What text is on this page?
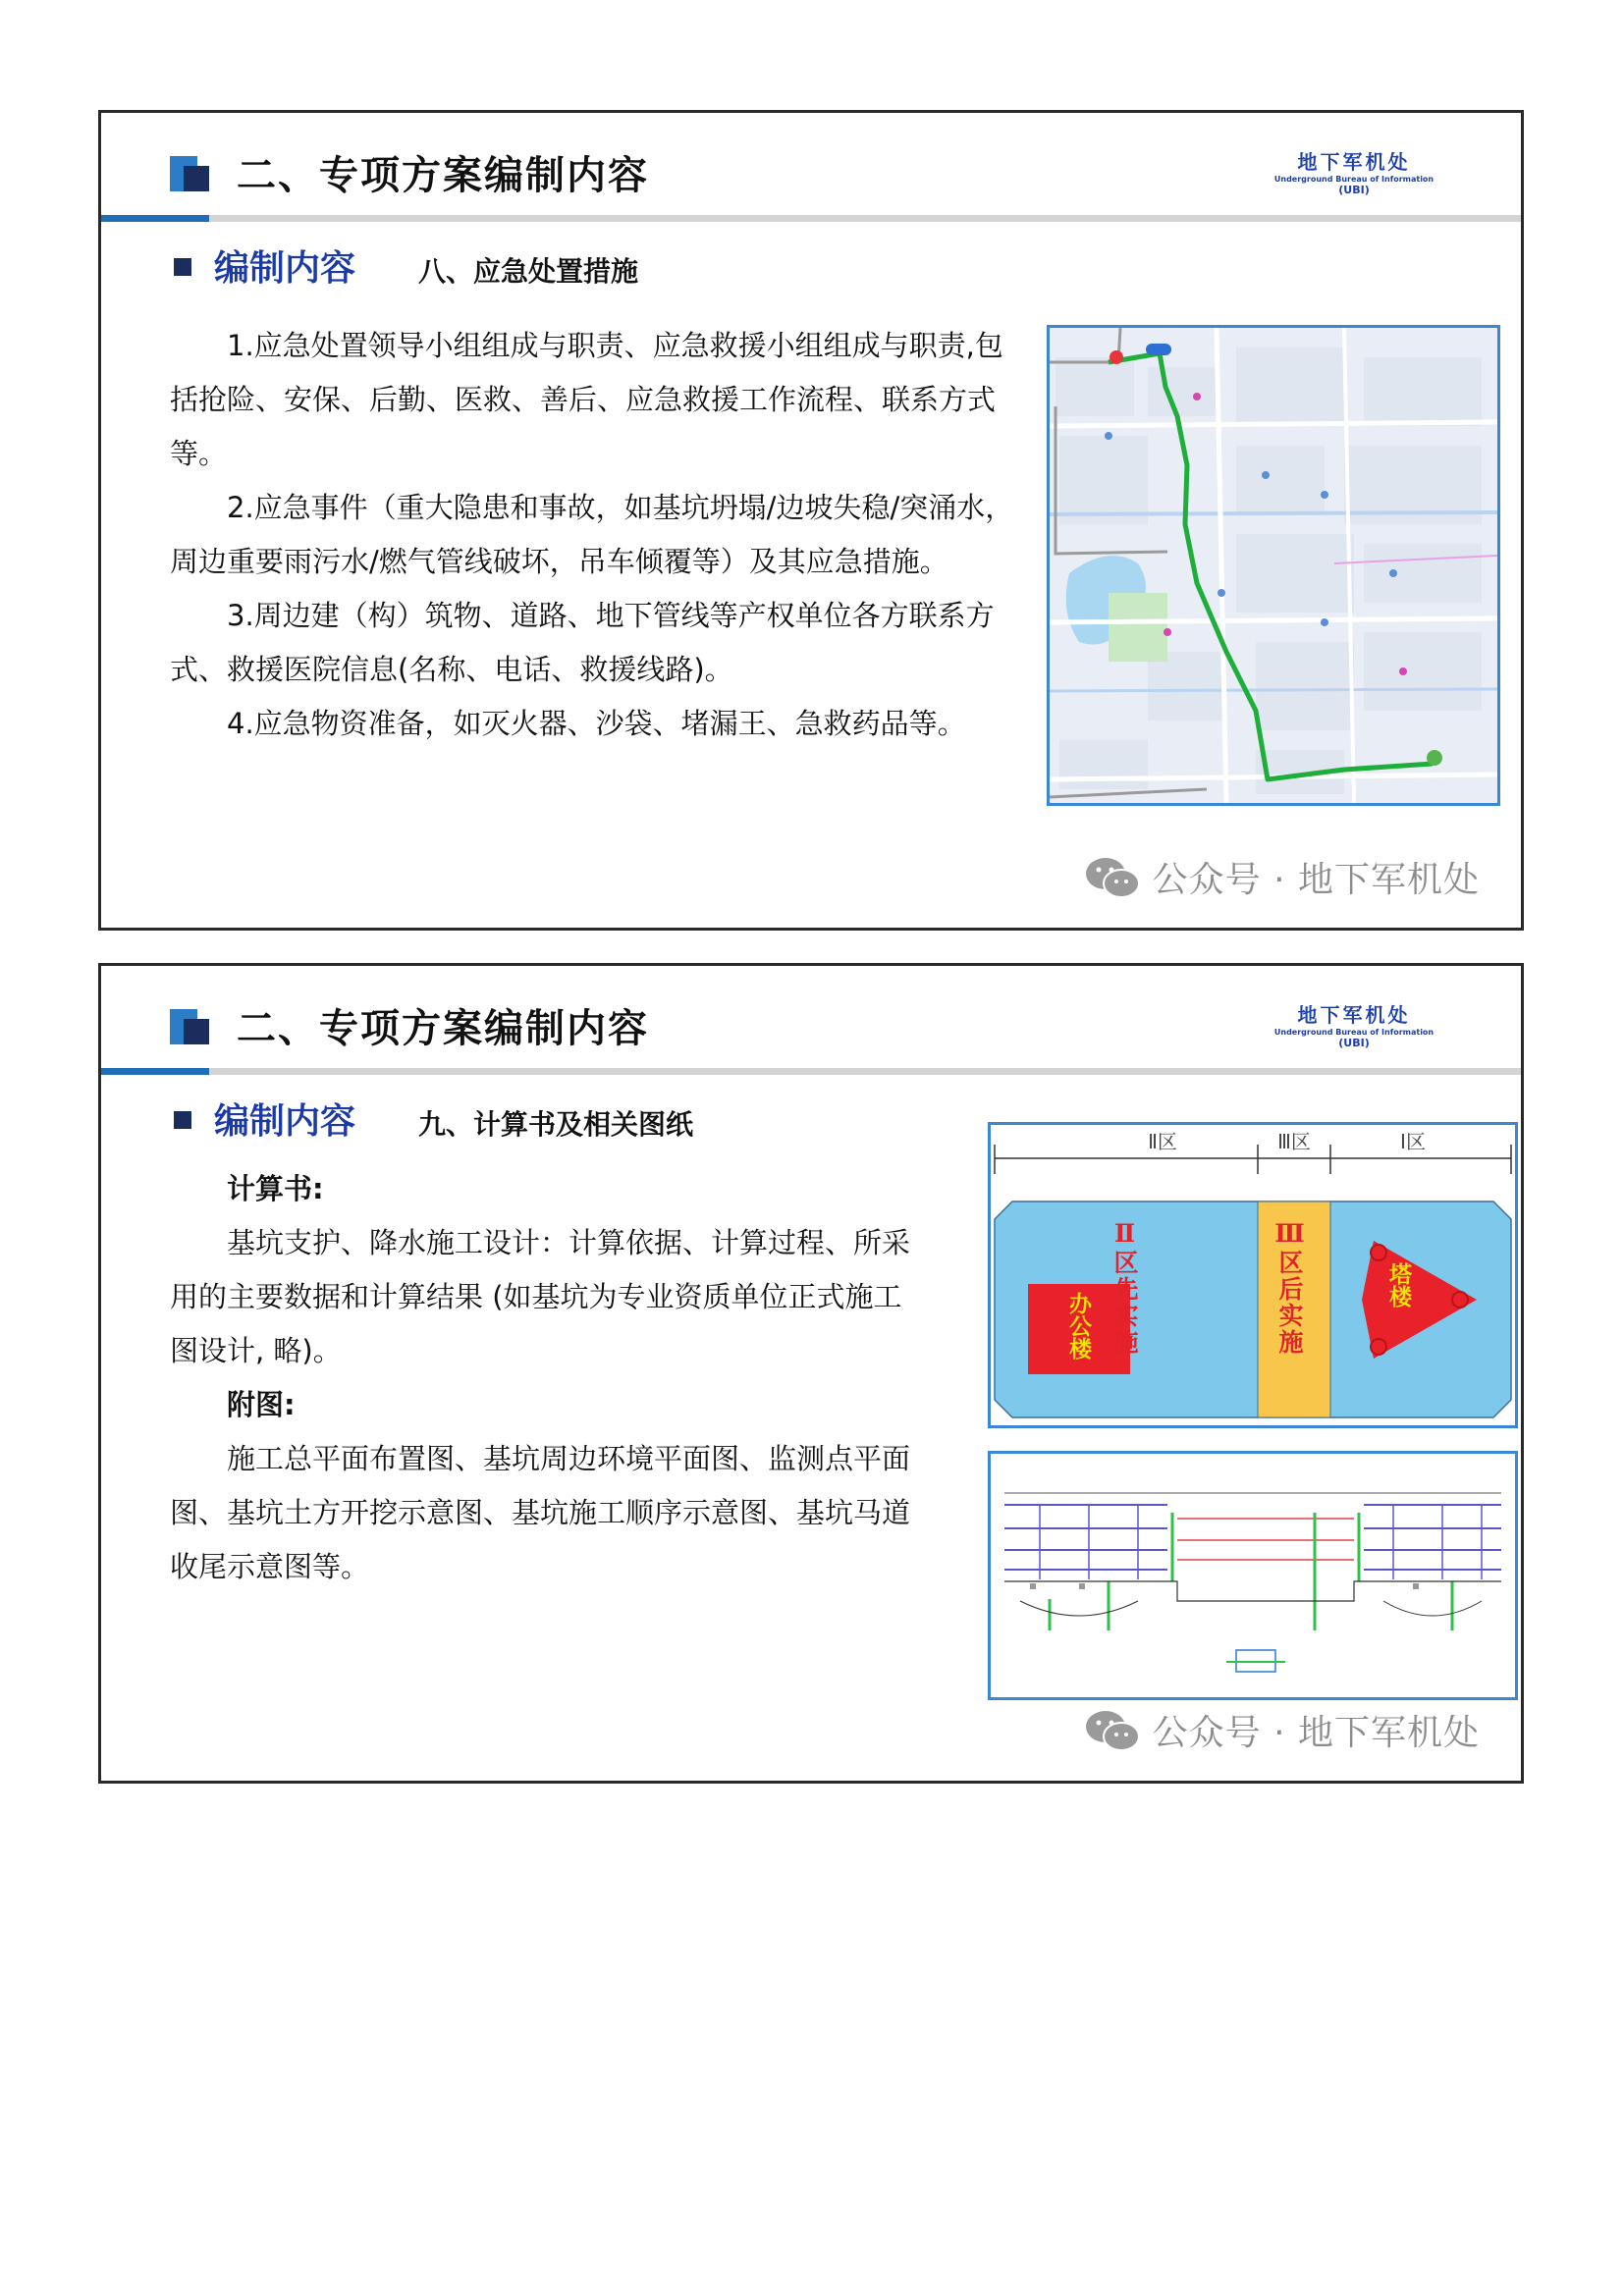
二、专项方案编制内容	地下军机处
Underground Bureau of Information
(UBI)
编制内容 八、应急处置措施

1.应急处置领导小组组成与职责、应急救援小组组成与职责,包括抢险、安保、后勤、医救、善后、应急救援工作流程、联系方式等。

2.应急事件（重大隐患和事故，如基坑坍塌/边坡失稳/突涌水，周边重要雨污水/燃气管线破坏，吊车倾覆等）及其应急措施。

3.周边建（构）筑物、道路、地下管线等产权单位各方联系方式、救援医院信息(名称、电话、救援线路)。

4.应急物资准备，如灭火器、沙袋、堵漏王、急救药品等。

公众号 · 地下军机处
二、专项方案编制内容	地下军机处
Underground Bureau of Information
(UBI)
编制内容 九、计算书及相关图纸

计算书:

基坑支护、降水施工设计：计算依据、计算过程、所采用的主要数据和计算结果 (如基坑为专业资质单位正式施工图设计, 略)。

附图:

施工总平面布置图、基坑周边环境平面图、监测点平面图、基坑土方开挖示意图、基坑施工顺序示意图、基坑马道收尾示意图等。

Ⅱ区	Ⅲ区	Ⅰ区
150m	46m	105m
Ⅱ区先实施	Ⅲ区后实施
办公楼
塔楼
公众号 · 地下军机处
